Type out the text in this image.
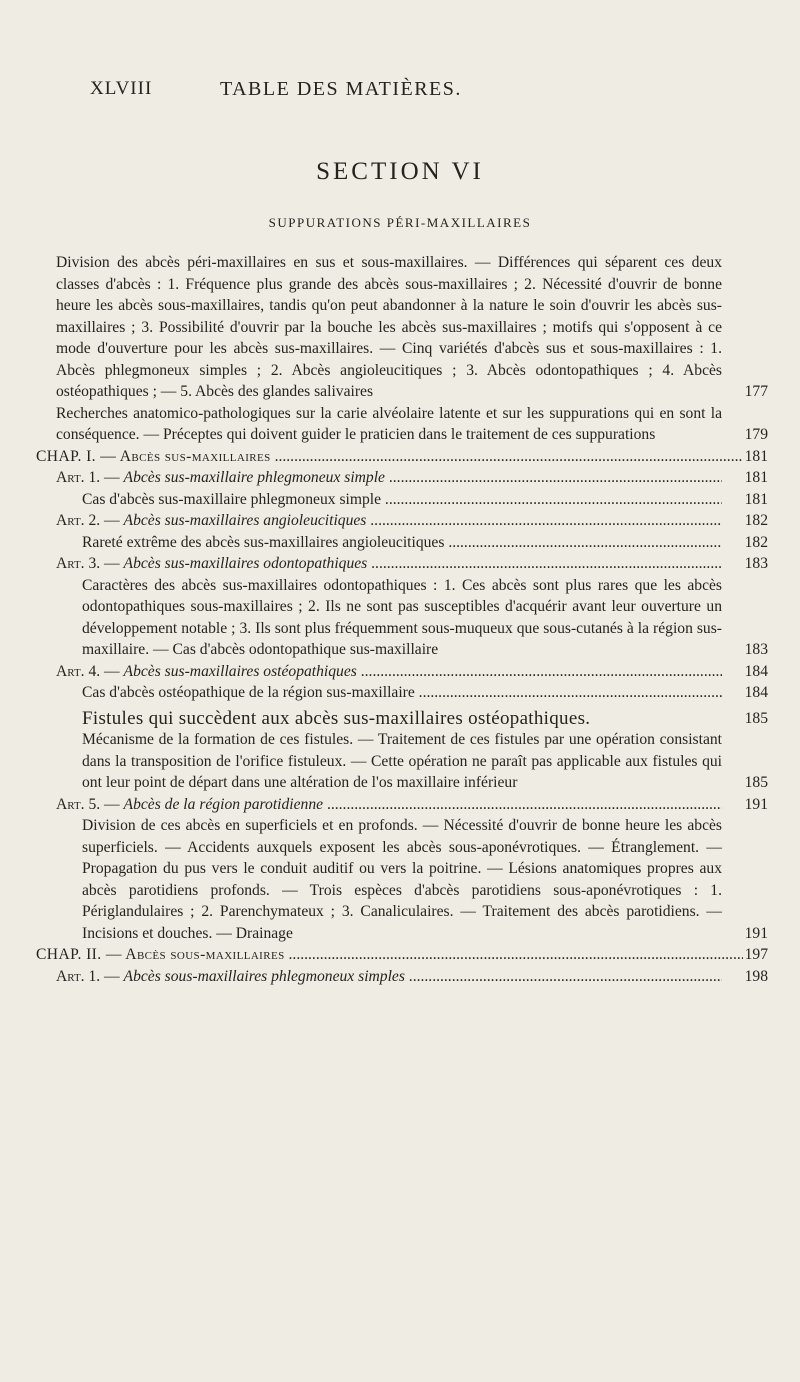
XLVIII	TABLE DES MATIÈRES.
SECTION VI
SUPPURATIONS PÉRI-MAXILLAIRES
Division des abcès péri-maxillaires en sus et sous-maxillaires. — Différences qui séparent ces deux classes d'abcès : 1. Fréquence plus grande des abcès sous-maxillaires ; 2. Nécessité d'ouvrir de bonne heure les abcès sous-maxillaires, tandis qu'on peut abandonner à la nature le soin d'ouvrir les abcès sus-maxillaires ; 3. Possibilité d'ouvrir par la bouche les abcès sus-maxillaires ; motifs qui s'opposent à ce mode d'ouverture pour les abcès sus-maxillaires. — Cinq variétés d'abcès sus et sous-maxillaires : 1. Abcès phlegmoneux simples ; 2. Abcès angioleucitiques ; 3. Abcès odontopathiques ; 4. Abcès ostéopathiques ; — 5. Abcès des glandes salivaires	177
Recherches anatomico-pathologiques sur la carie alvéolaire latente et sur les suppurations qui en sont la conséquence. — Préceptes qui doivent guider le praticien dans le traitement de ces suppurations	179
CHAP. I. — Abcès sus-maxillaires .....	181
Art. 1. — Abcès sus-maxillaire phlegmoneux simple .....	181
Cas d'abcès sus-maxillaire phlegmoneux simple .....	181
Art. 2. — Abcès sus-maxillaires angioleucitiques .....	182
Rareté extrême des abcès sus-maxillaires angioleucitiques .....	182
Art. 3. — Abcès sus-maxillaires odontopathiques .....	183
Caractères des abcès sus-maxillaires odontopathiques : 1. Ces abcès sont plus rares que les abcès odontopathiques sous-maxillaires ; 2. Ils ne sont pas susceptibles d'acquérir avant leur ouverture un développement notable ; 3. Ils sont plus fréquemment sous-muqueux que sous-cutanés à la région sus-maxillaire. — Cas d'abcès odontopathique sus-maxillaire	183
Art. 4. — Abcès sus-maxillaires ostéopathiques .....	184
Cas d'abcès ostéopathique de la région sus-maxillaire .....	184
Fistules qui succèdent aux abcès sus-maxillaires ostéopathiques.	185
Mécanisme de la formation de ces fistules. — Traitement de ces fistules par une opération consistant dans la transposition de l'orifice fistuleux. — Cette opération ne paraît pas applicable aux fistules qui ont leur point de départ dans une altération de l'os maxillaire inférieur	185
Art. 5. — Abcès de la région parotidienne .....	191
Division de ces abcès en superficiels et en profonds. — Nécessité d'ouvrir de bonne heure les abcès superficiels. — Accidents auxquels exposent les abcès sous-aponévrotiques. — Étranglement. — Propagation du pus vers le conduit auditif ou vers la poitrine. — Lésions anatomiques propres aux abcès parotidiens profonds. — Trois espèces d'abcès parotidiens sous-aponévrotiques : 1. Périglandulaires ; 2. Parenchymateux ; 3. Canaliculaires. — Traitement des abcès parotidiens. — Incisions et douches. — Drainage	191
CHAP. II. — Abcès sous-maxillaires .....	197
Art. 1. — Abcès sous-maxillaires phlegmoneux simples .....	198
